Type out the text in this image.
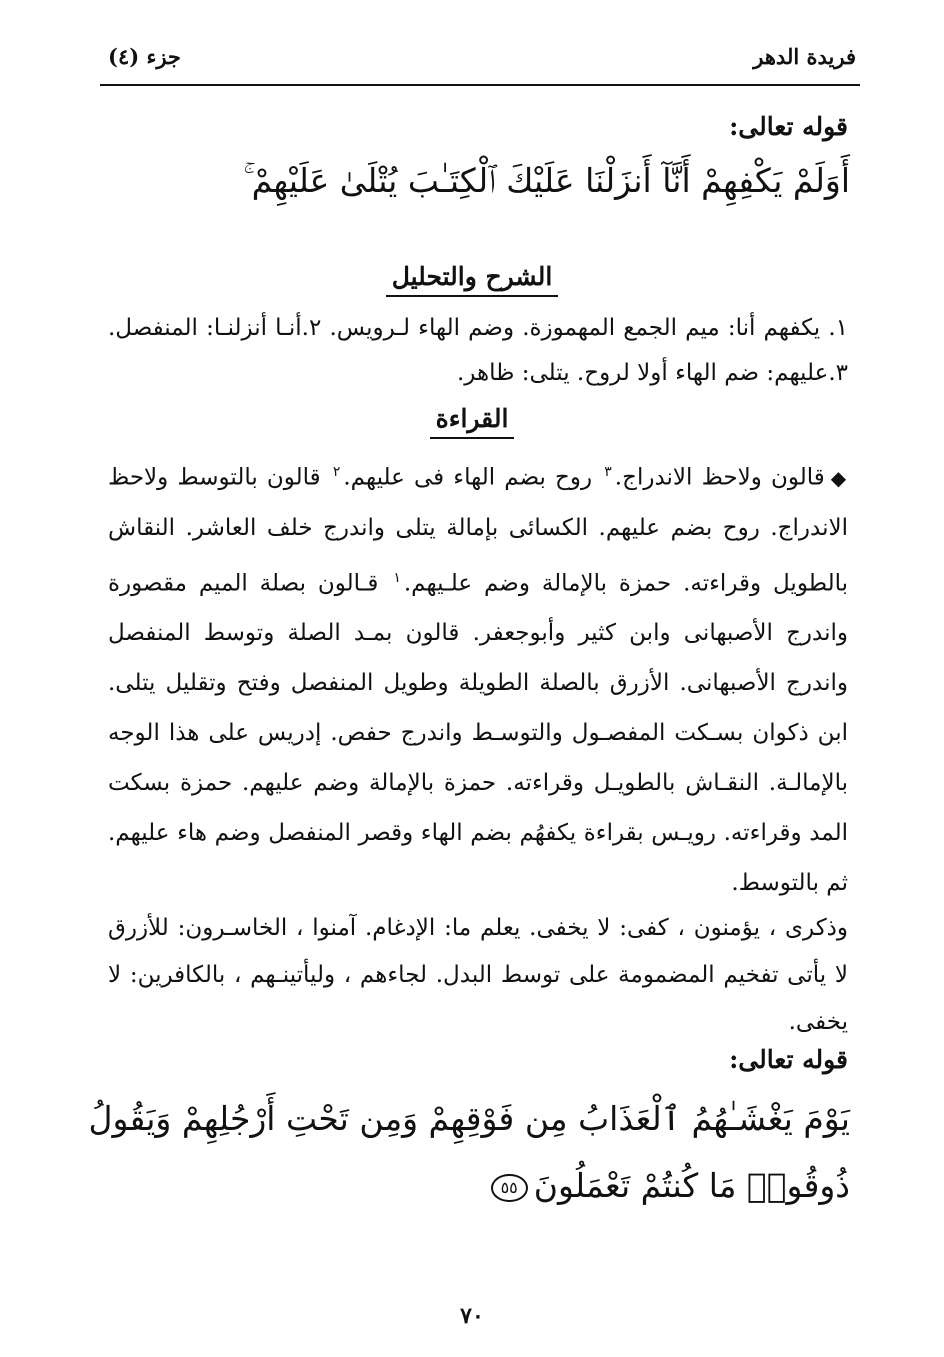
فريدة الدهر
جزء (٤)
قوله تعالى:
أَوَلَمْ يَكْفِهِمْ أَنَّآ أَنزَلْنَا عَلَيْكَ ٱلْكِتَـٰبَ يُتْلَىٰ عَلَيْهِمْ ۚ
الشرح والتحليل
١. يكفهم أنا: ميم الجمع المهموزة. وضم الهاء لـرويس. ٢.أنـا أنزلنـا: المنفصل. ٣.عليهم: ضم الهاء أولا لروح. يتلى: ظاهر.
القراءة
◆قالون ولاحظ الاندراج.$^٣$ روح بضم الهاء فى عليهم.$^٢$ قالون بالتوسط ولاحظ الاندراج. روح بضم عليهم. الكسائى بإمالة يتلى واندرج خلف العاشر. النقاش بالطويل وقراءته. حمزة بالإمالة وضم علـيهم.$^١$ قـالون بصلة الميم مقصورة واندرج الأصبهانى وابن كثير وأبوجعفر. قالون بمـد الصلة وتوسط المنفصل واندرج الأصبهانى. الأزرق بالصلة الطويلة وطويل المنفصل وفتح وتقليل يتلى. ابن ذكوان بسـكت المفصـول والتوسـط واندرج حفص. إدريس على هذا الوجه بالإمالـة. النقـاش بالطويـل وقراءته. حمزة بالإمالة وضم عليهم. حمزة بسكت المد وقراءته. رويـس بقراءة يكفهُم بضم الهاء وقصر المنفصل وضم هاء عليهم. ثم بالتوسط.
وذكرى ، يؤمنون ، كفى: لا يخفى. يعلم ما: الإدغام. آمنوا ، الخاسـرون: للأزرق لا يأتى تفخيم المضمومة على توسط البدل. لجاءهم ، وليأتينـهم ، بالكافرين: لا يخفى.
قوله تعالى:
يَوْمَ يَغْشَـٰهُمُ ٱلْعَذَابُ مِن فَوْقِهِمْ وَمِن تَحْتِ أَرْجُلِهِمْ وَيَقُولُ
ذُوقُوا۟ مَا كُنتُمْ تَعْمَلُونَ٥٥
٧٠
